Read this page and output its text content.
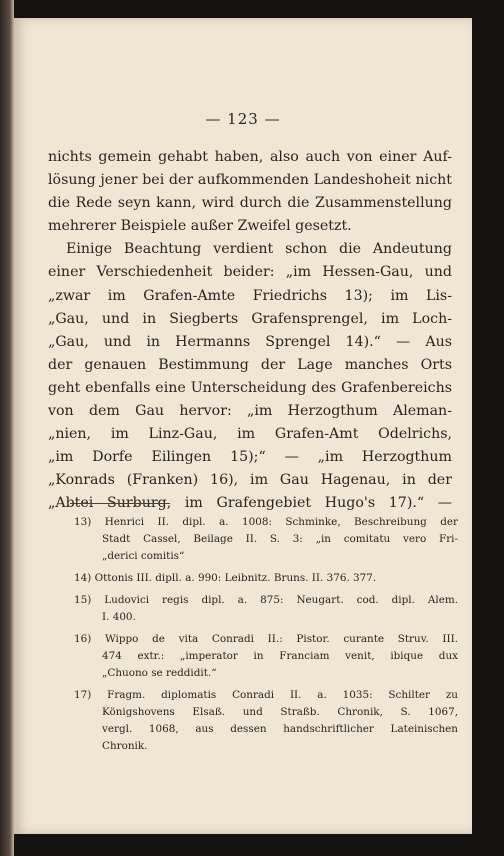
— 123 —
nichts gemein gehabt haben, also auch von einer Auf-
lösung jener bei der aufkommenden Landeshoheit nicht
die Rede seyn kann, wird durch die Zusammenstellung
mehrerer Beispiele außer Zweifel gesetzt.
Einige Beachtung verdient schon die Andeutung
einer Verschiedenheit beider: „im Hessen-Gau, und
„zwar im Grafen-Amte Friedrichs 13); im Lis-
„Gau, und in Siegberts Grafensprengel, im Loch-
„Gau, und in Hermanns Sprengel 14).“ — Aus
der genauen Bestimmung der Lage manches Orts
geht ebenfalls eine Unterscheidung des Grafenbereichs
von dem Gau hervor: „im Herzogthum Aleman-
„nien, im Linz-Gau, im Grafen-Amt Odelrichs,
„im Dorfe Eilingen 15);“ — „im Herzogthum
„Konrads (Franken) 16), im Gau Hagenau, in der
„Abtei Surburg, im Grafengebiet Hugo's 17).“ —
13) Henrici II. dipl. a. 1008: Schminke, Beschreibung der
Stadt Cassel, Beilage II. S. 3: „in comitatu vero Fri-
„derici comitis“
14) Ottonis III. dipll. a. 990: Leibnitz. Bruns. II. 376. 377.
15) Ludovici regis dipl. a. 875: Neugart. cod. dipl. Alem.
I. 400.
16) Wippo de vita Conradi II.: Pistor. curante Struv. III.
474 extr.: „imperator in Franciam venit, ibique dux
„Chuono se reddidit.“
17) Fragm. diplomatis Conradi II. a. 1035: Schilter zu
Königshovens Elsaß. und Straßb. Chronik, S. 1067,
vergl. 1068, aus dessen handschriftlicher Lateinischen
Chronik.
